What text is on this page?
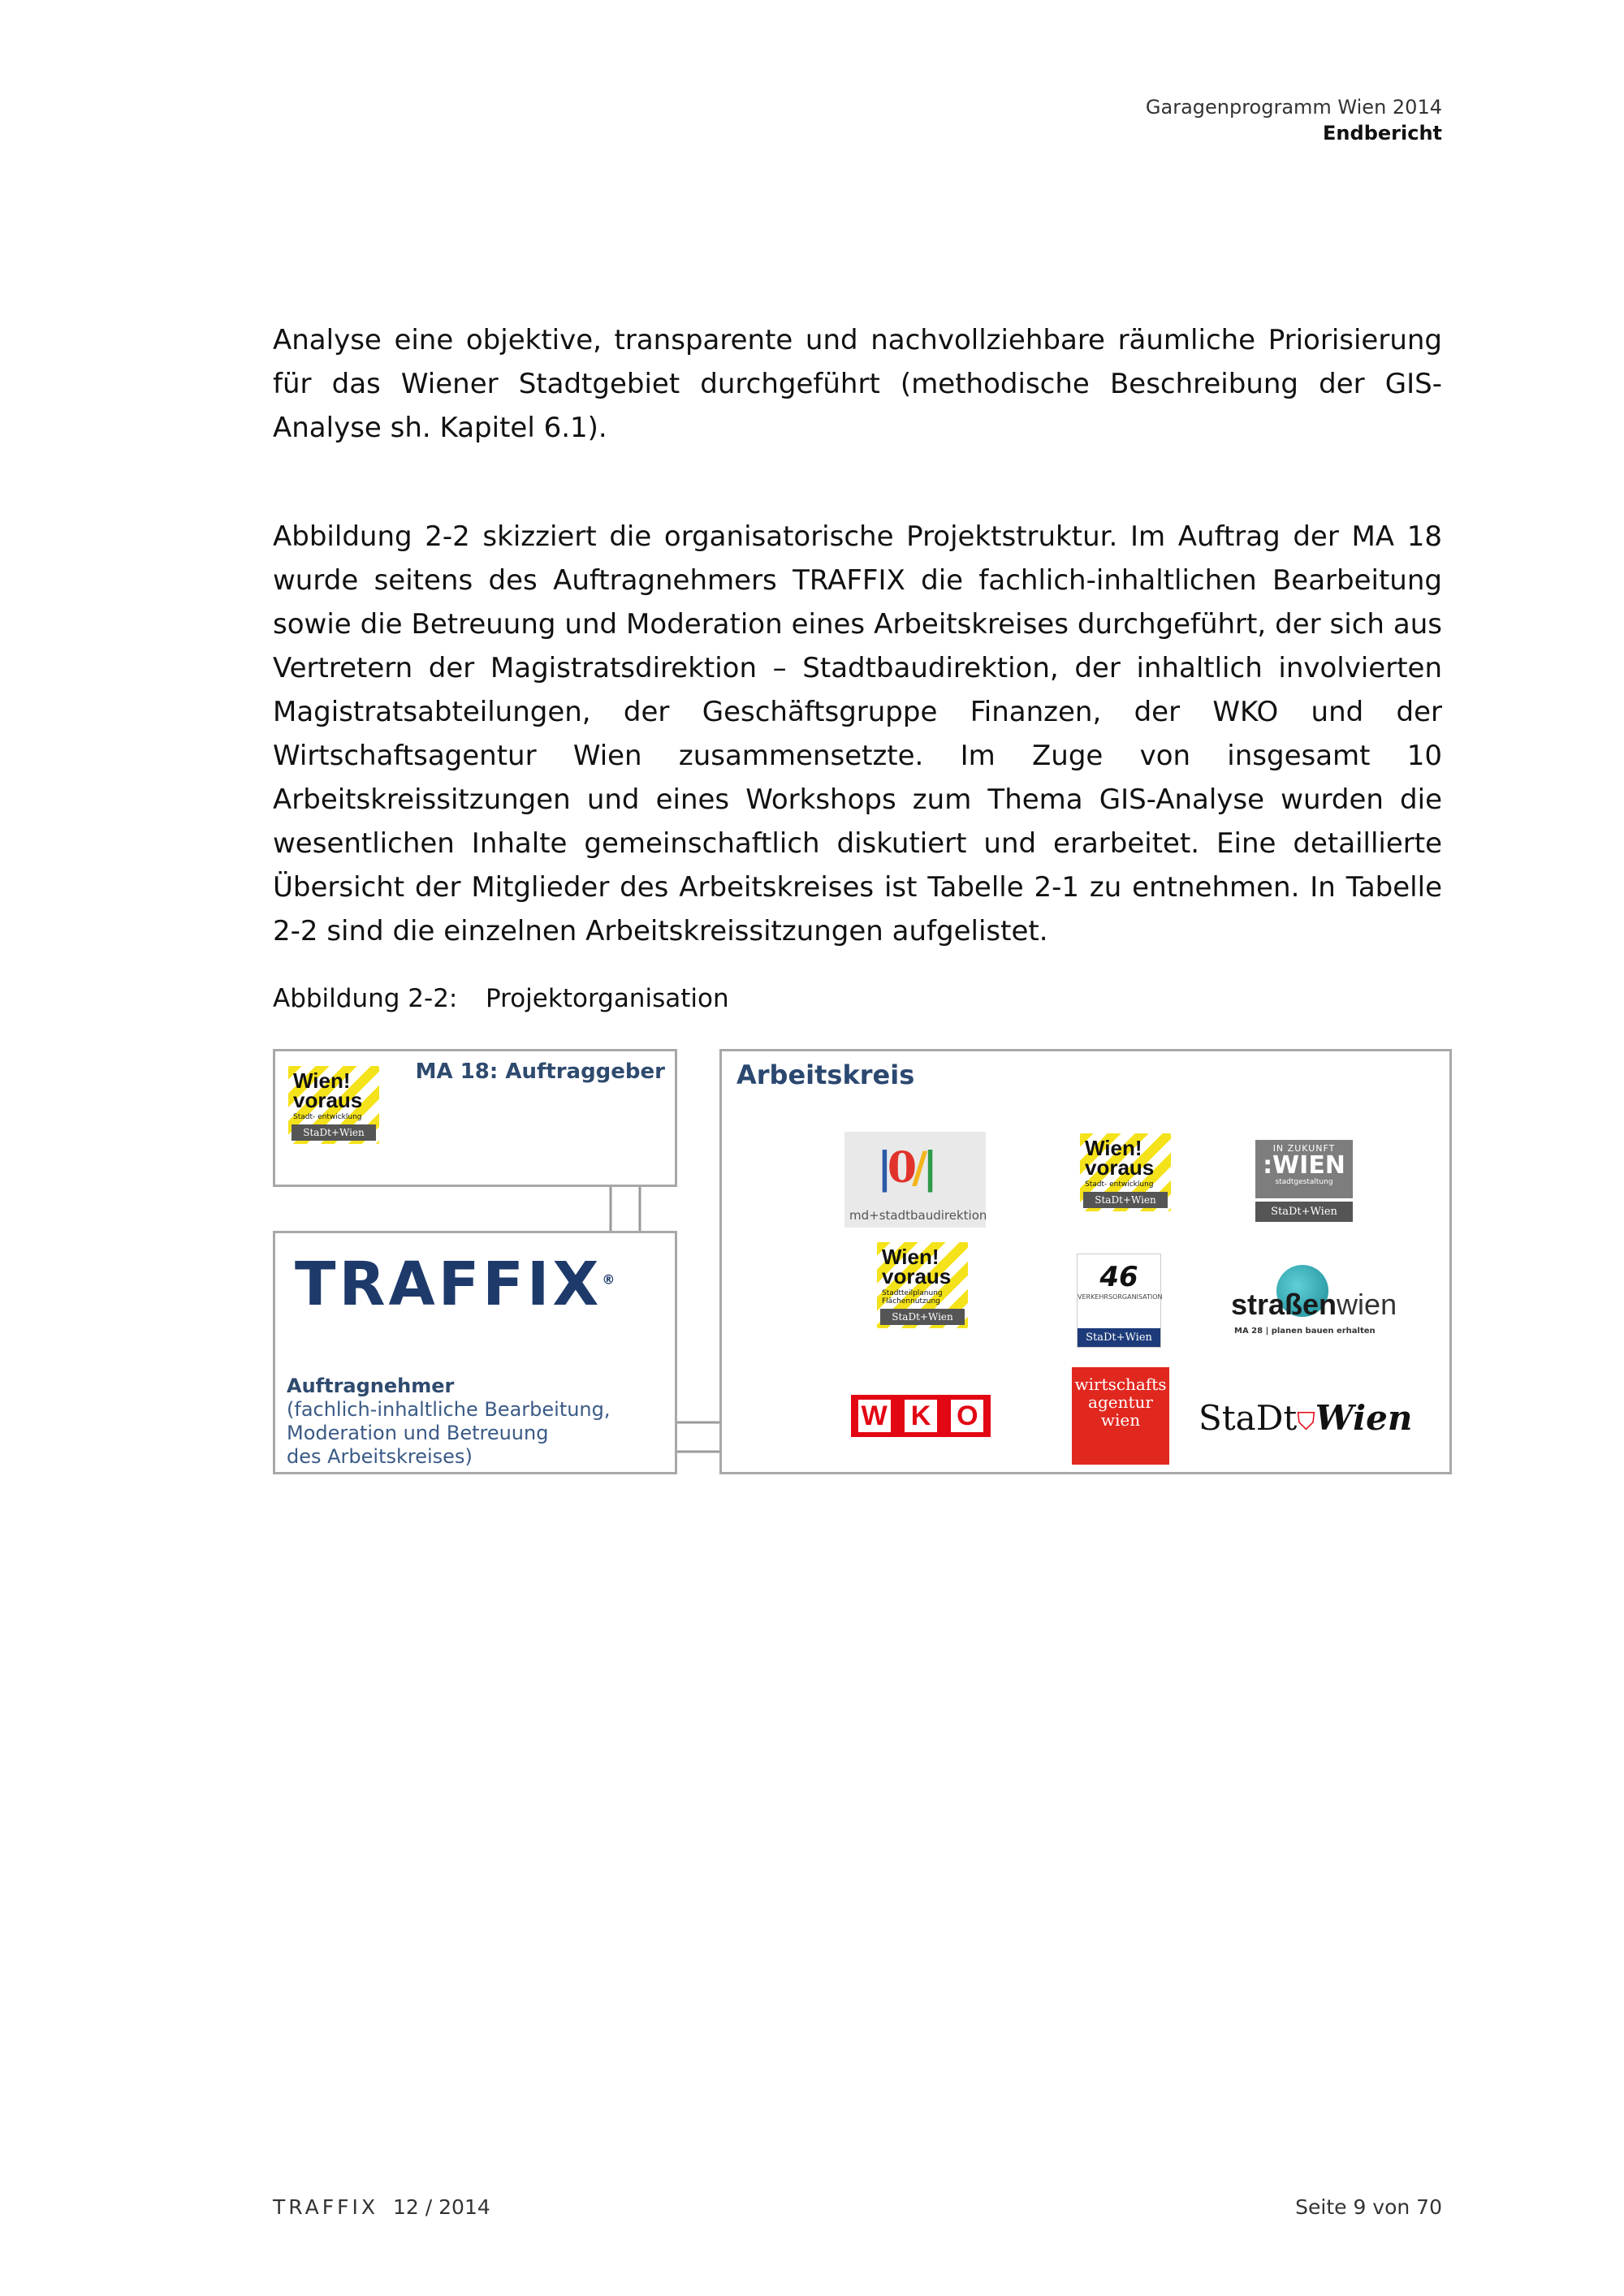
Garagenprogramm Wien 2014
Endbericht
Analyse eine objektive, transparente und nachvollziehbare räumliche Priorisierung für das Wiener Stadtgebiet durchgeführt (methodische Beschreibung der GIS-Analyse sh. Kapitel 6.1).
Abbildung 2-2 skizziert die organisatorische Projektstruktur. Im Auftrag der MA 18 wurde seitens des Auftragnehmers TRAFFIX die fachlich-inhaltlichen Bearbeitung sowie die Betreuung und Moderation eines Arbeitskreises durchgeführt, der sich aus Vertretern der Magistratsdirektion – Stadtbaudirektion, der inhaltlich involvierten Magistratsabteilungen, der Geschäftsgruppe Finanzen, der WKO und der Wirtschaftsagentur Wien zusammensetzte. Im Zuge von insgesamt 10 Arbeitskreissitzungen und eines Workshops zum Thema GIS-Analyse wurden die wesentlichen Inhalte gemeinschaftlich diskutiert und erarbeitet. Eine detaillierte Übersicht der Mitglieder des Arbeitskreises ist Tabelle 2-1 zu entnehmen. In Tabelle 2-2 sind die einzelnen Arbeitskreissitzungen aufgelistet.
Abbildung 2-2: Projektorganisation
MA 18: Auftraggeber
Wien! voraus
Stadt- entwicklung
StaDt+Wien
TRAFFIX®
Auftragnehmer
(fachlich-inhaltliche Bearbeitung,
Moderation und Betreuung
des Arbeitskreises)
Arbeitskreis
|0/|
md+stadtbaudirektion
Wien! voraus
Stadt- entwicklung
StaDt+Wien
IN ZUKUNFT
:WIEN
stadtgestaltung
StaDt+Wien
Wien! voraus
Stadtteilplanung Flächennutzung
StaDt+Wien
46
VERKEHRSORGANISATION
StaDt+Wien
straßenwien
MA 28 | planen bauen erhalten
W K O
wirtschafts
agentur
wien	StaDt⛉Wien
TRAFFIX 12 / 2014	Seite 9 von 70
